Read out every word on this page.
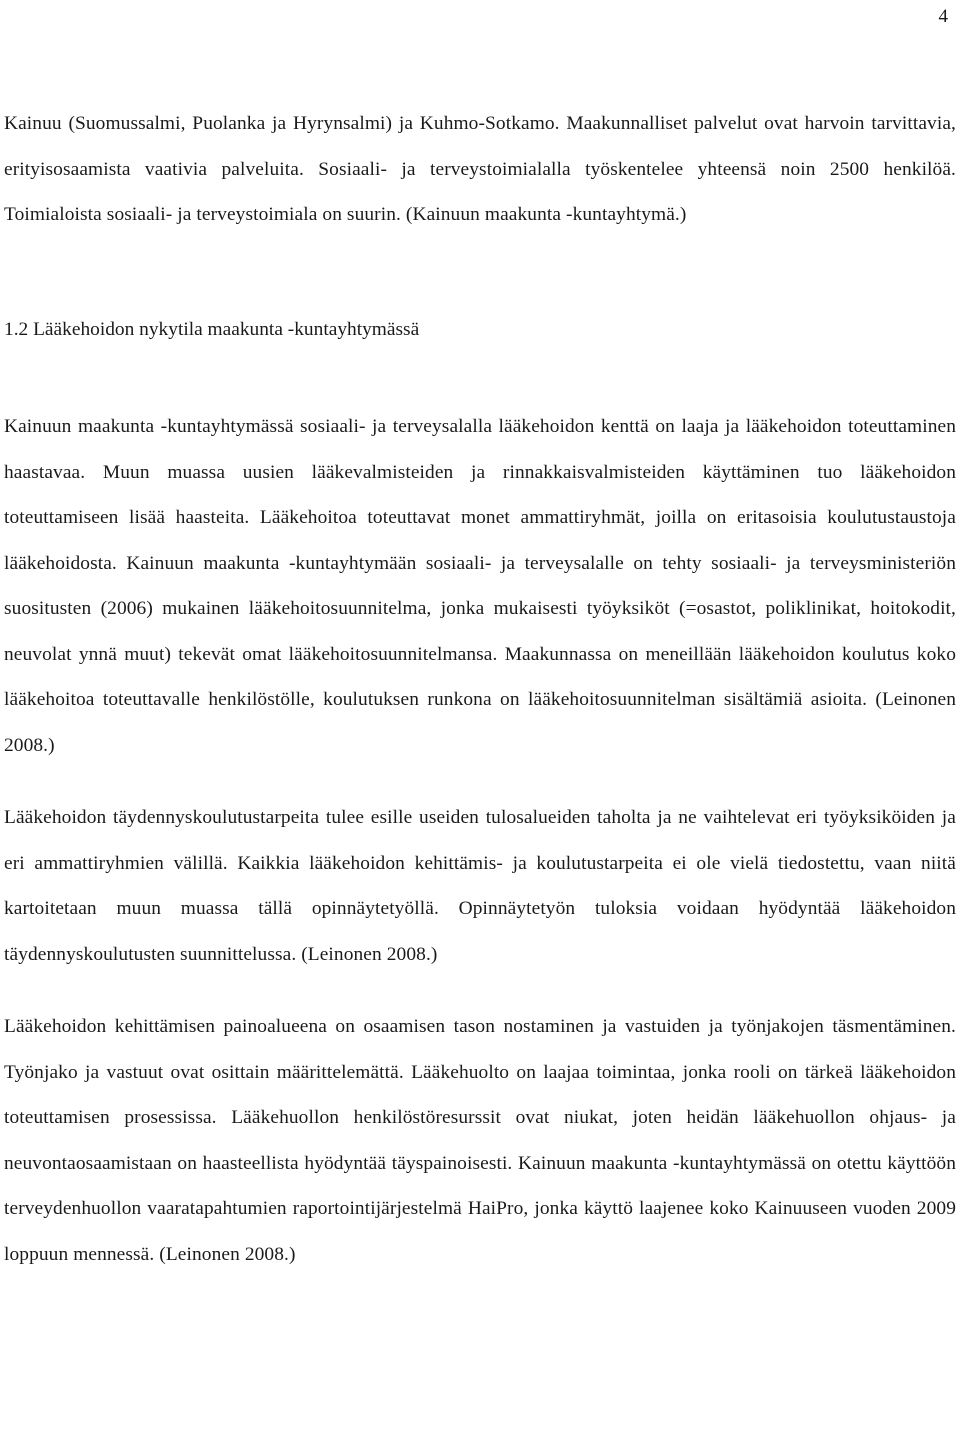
4

Kainuu (Suomussalmi, Puolanka ja Hyrynsalmi) ja Kuhmo-Sotkamo. Maakunnalliset palvelut ovat harvoin tarvittavia, erityisosaamista vaativia palveluita. Sosiaali- ja terveystoimialalla työskentelee yhteensä noin 2500 henkilöä. Toimialoista sosiaali- ja terveystoimiala on suurin. (Kainuun maakunta -kuntayhtymä.)

1.2 Lääkehoidon nykytila maakunta -kuntayhtymässä

Kainuun maakunta -kuntayhtymässä sosiaali- ja terveysalalla lääkehoidon kenttä on laaja ja lääkehoidon toteuttaminen haastavaa. Muun muassa uusien lääkevalmisteiden ja rinnakkaisvalmisteiden käyttäminen tuo lääkehoidon toteuttamiseen lisää haasteita. Lääkehoitoa toteuttavat monet ammattiryhmät, joilla on eritasoisia koulutustaustoja lääkehoidosta. Kainuun maakunta -kuntayhtymään sosiaali- ja terveysalalle on tehty sosiaali- ja terveysministeriön suositusten (2006) mukainen lääkehoitosuunnitelma, jonka mukaisesti työyksiköt (=osastot, poliklinikat, hoitokodit, neuvolat ynnä muut) tekevät omat lääkehoitosuunnitelmansa. Maakunnassa on meneillään lääkehoidon koulutus koko lääkehoitoa toteuttavalle henkilöstölle, koulutuksen runkona on lääkehoitosuunnitelman sisältämiä asioita. (Leinonen 2008.)

Lääkehoidon täydennyskoulutustarpeita tulee esille useiden tulosalueiden taholta ja ne vaihtelevat eri työyksiköiden ja eri ammattiryhmien välillä. Kaikkia lääkehoidon kehittämis- ja koulutustarpeita ei ole vielä tiedostettu, vaan niitä kartoitetaan muun muassa tällä opinnäytetyöllä. Opinnäytetyön tuloksia voidaan hyödyntää lääkehoidon täydennyskoulutusten suunnittelussa. (Leinonen 2008.)

Lääkehoidon kehittämisen painoalueena on osaamisen tason nostaminen ja vastuiden ja työnjakojen täsmentäminen. Työnjako ja vastuut ovat osittain määrittelemättä. Lääkehuolto on laajaa toimintaa, jonka rooli on tärkeä lääkehoidon toteuttamisen prosessissa. Lääkehuollon henkilöstöresurssit ovat niukat, joten heidän lääkehuollon ohjaus- ja neuvontaosaamistaan on haasteellista hyödyntää täyspainoisesti. Kainuun maakunta -kuntayhtymässä on otettu käyttöön terveydenhuollon vaaratapahtumien raportointijärjestelmä HaiPro, jonka käyttö laajenee koko Kainuuseen vuoden 2009 loppuun mennessä. (Leinonen 2008.)
